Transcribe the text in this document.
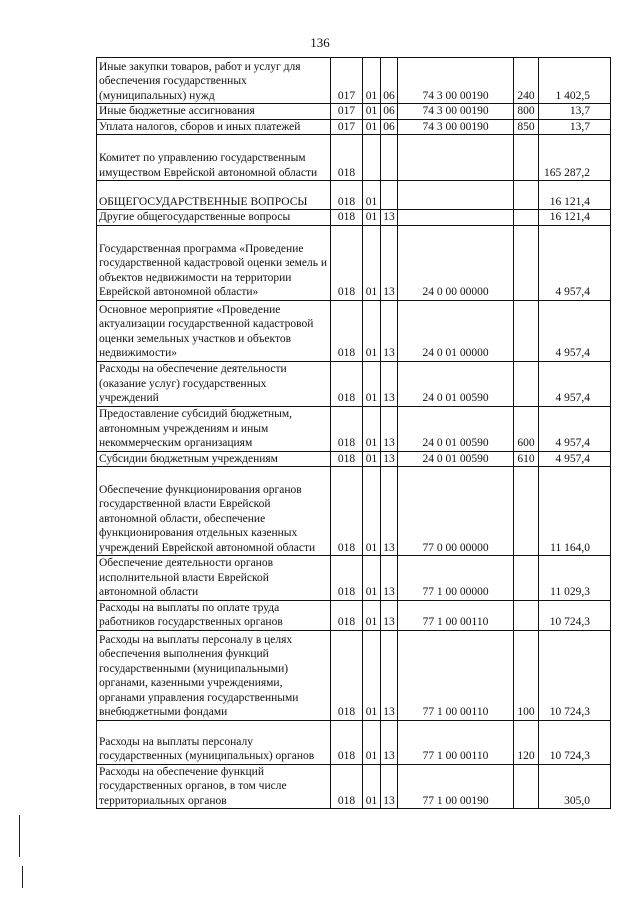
136
Иные закупки товаров, работ и услуг для обеспечения государственных (муниципальных) нужд	017	01	06	74 3 00 00190	240	1 402,5
Иные бюджетные ассигнования	017	01	06	74 3 00 00190	800	13,7
Уплата налогов, сборов и иных платежей	017	01	06	74 3 00 00190	850	13,7
Комитет по управлению государственным имуществом Еврейской автономной области	018					165 287,2
ОБЩЕГОСУДАРСТВЕННЫЕ ВОПРОСЫ	018	01				16 121,4
Другие общегосударственные вопросы	018	01	13			16 121,4
Государственная программа «Проведение государственной кадастровой оценки земель и объектов недвижимости на территории Еврейской автономной области»	018	01	13	24 0 00 00000		4 957,4
Основное мероприятие «Проведение актуализации государственной кадастровой оценки земельных участков и объектов недвижимости»	018	01	13	24 0 01 00000		4 957,4
Расходы на обеспечение деятельности (оказание услуг) государственных учреждений	018	01	13	24 0 01 00590		4 957,4
Предоставление субсидий бюджетным, автономным учреждениям и иным некоммерческим организациям	018	01	13	24 0 01 00590	600	4 957,4
Субсидии бюджетным учреждениям	018	01	13	24 0 01 00590	610	4 957,4
Обеспечение функционирования органов государственной власти Еврейской автономной области, обеспечение функционирования отдельных казенных учреждений Еврейской автономной области	018	01	13	77 0 00 00000		11 164,0
Обеспечение деятельности органов исполнительной власти Еврейской автономной области	018	01	13	77 1 00 00000		11 029,3
Расходы на выплаты по оплате труда работников государственных органов	018	01	13	77 1 00 00110		10 724,3
Расходы на выплаты персоналу в целях обеспечения выполнения функций государственными (муниципальными) органами, казенными учреждениями, органами управления государственными внебюджетными фондами	018	01	13	77 1 00 00110	100	10 724,3
Расходы на выплаты персоналу государственных (муниципальных) органов	018	01	13	77 1 00 00110	120	10 724,3
Расходы на обеспечение функций государственных органов, в том числе территориальных органов	018	01	13	77 1 00 00190		305,0
